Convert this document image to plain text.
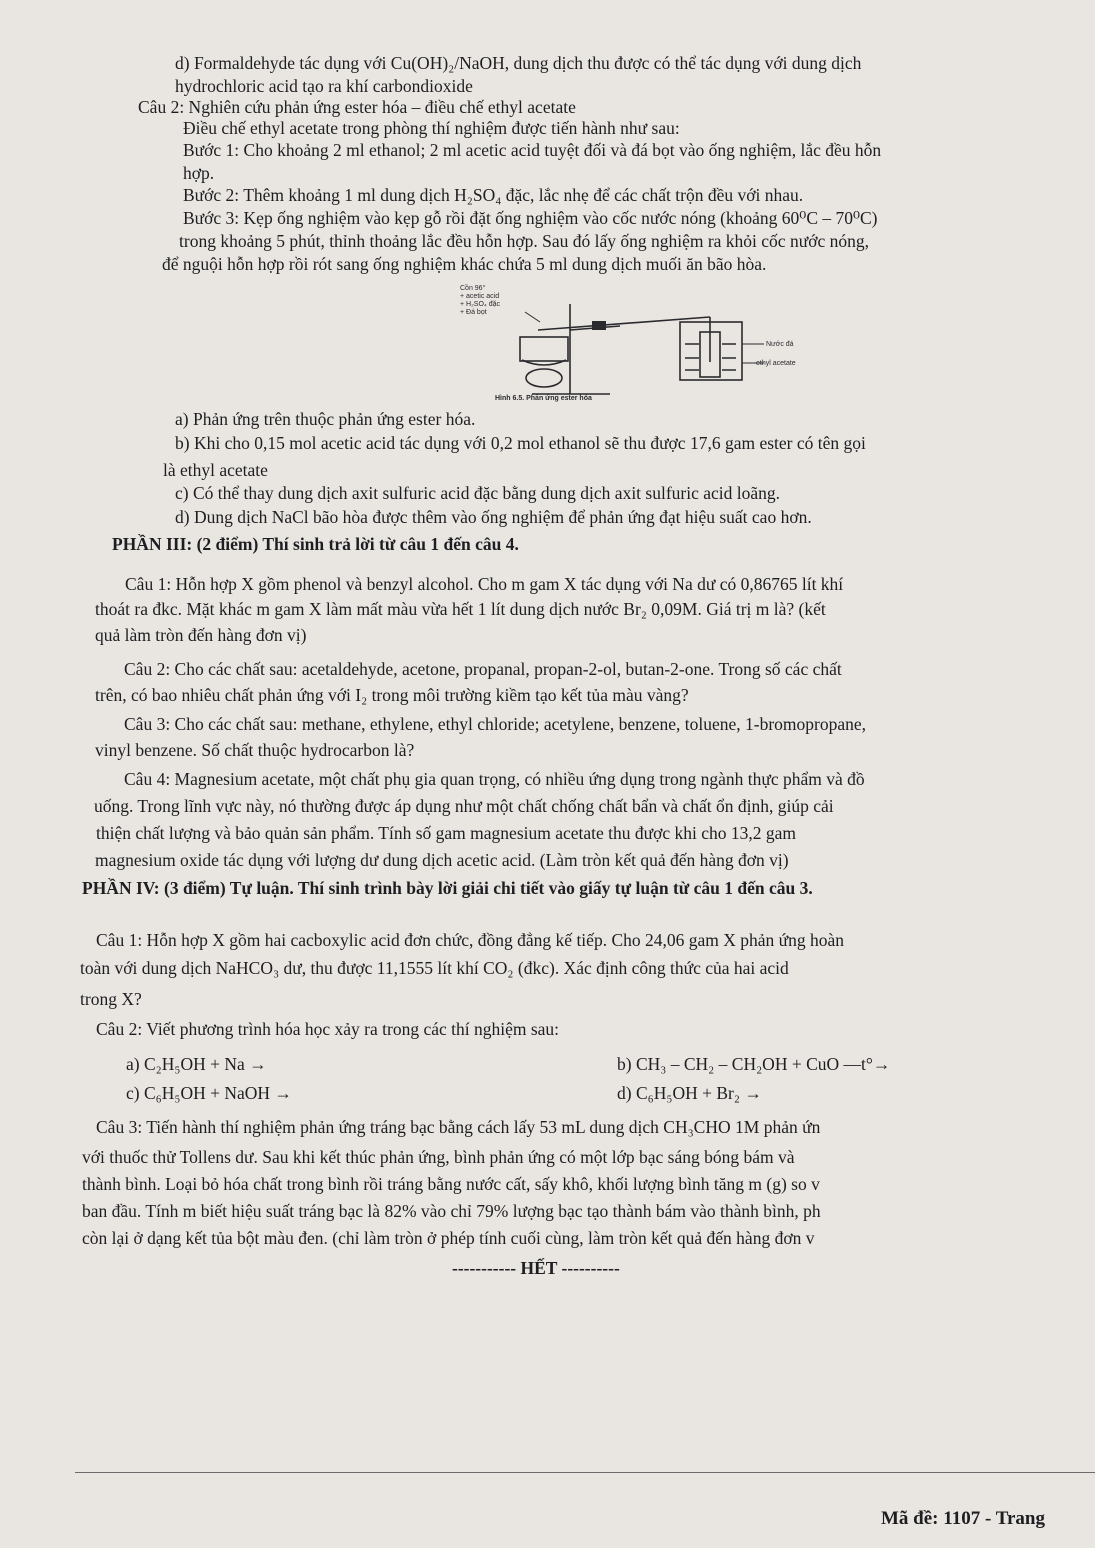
d) Formaldehyde tác dụng với Cu(OH)₂/NaOH, dung dịch thu được có thể tác dụng với dung dịch
hydrochloric acid tạo ra khí carbondioxide
Câu 2: Nghiên cứu phản ứng ester hóa – điều chế ethyl acetate
Điều chế ethyl acetate trong phòng thí nghiệm được tiến hành như sau:
Bước 1: Cho khoảng 2 ml ethanol; 2 ml acetic acid tuyệt đối và đá bọt vào ống nghiệm, lắc đều hỗn
hợp.
Bước 2: Thêm khoảng 1 ml dung dịch H₂SO₄ đặc, lắc nhẹ để các chất trộn đều với nhau.
Bước 3: Kẹp ống nghiệm vào kẹp gỗ rồi đặt ống nghiệm vào cốc nước nóng (khoảng 60⁰C – 70⁰C)
trong khoảng 5 phút, thỉnh thoảng lắc đều hỗn hợp. Sau đó lấy ống nghiệm ra khỏi cốc nước nóng,
để nguội hỗn hợp rồi rót sang ống nghiệm khác chứa 5 ml dung dịch muối ăn bão hòa.
Cồn 96°
+ acetic acid
+ H₂SO₄ đặc
+ Đá bọt
Nước đá
ethyl acetate
Hình 6.5. Phản ứng ester hóa
a) Phản ứng trên thuộc phản ứng ester hóa.
b) Khi cho 0,15 mol acetic acid tác dụng với 0,2 mol ethanol sẽ thu được 17,6 gam ester có tên gọi
là ethyl acetate
c) Có thể thay dung dịch axit sulfuric acid đặc bằng dung dịch axit sulfuric acid loãng.
d) Dung dịch NaCl bão hòa được thêm vào ống nghiệm để phản ứng đạt hiệu suất cao hơn.
PHẦN III: (2 điểm) Thí sinh trả lời từ câu 1 đến câu 4.
Câu 1: Hỗn hợp X gồm phenol và benzyl alcohol. Cho m gam X tác dụng với Na dư có 0,86765 lít khí
thoát ra đkc. Mặt khác m gam X làm mất màu vừa hết 1 lít dung dịch nước Br₂ 0,09M. Giá trị m là? (kết
quả làm tròn đến hàng đơn vị)
Câu 2: Cho các chất sau: acetaldehyde, acetone, propanal, propan-2-ol, butan-2-one. Trong số các chất
trên, có bao nhiêu chất phản ứng với I₂ trong môi trường kiềm tạo kết tủa màu vàng?
Câu 3: Cho các chất sau: methane, ethylene, ethyl chloride; acetylene, benzene, toluene, 1-bromopropane,
vinyl benzene. Số chất thuộc hydrocarbon là?
Câu 4: Magnesium acetate, một chất phụ gia quan trọng, có nhiều ứng dụng trong ngành thực phẩm và đồ
uống. Trong lĩnh vực này, nó thường được áp dụng như một chất chống chất bẩn và chất ổn định, giúp cải
thiện chất lượng và bảo quản sản phẩm. Tính số gam magnesium acetate thu được khi cho 13,2 gam
magnesium oxide tác dụng với lượng dư dung dịch acetic acid. (Làm tròn kết quả đến hàng đơn vị)
PHẦN IV: (3 điểm) Tự luận. Thí sinh trình bày lời giải chi tiết vào giấy tự luận từ câu 1 đến câu 3.
Câu 1: Hỗn hợp X gồm hai cacboxylic acid đơn chức, đồng đẳng kế tiếp. Cho 24,06 gam X phản ứng hoàn
toàn với dung dịch NaHCO₃ dư, thu được 11,1555 lít khí CO₂ (đkc). Xác định công thức của hai acid
trong X?
Câu 2: Viết phương trình hóa học xảy ra trong các thí nghiệm sau:
a) C₂H₅OH + Na →	b) CH₃ – CH₂ – CH₂OH + CuO —t°→
c) C₆H₅OH + NaOH →	d) C₆H₅OH + Br₂ →
Câu 3: Tiến hành thí nghiệm phản ứng tráng bạc bằng cách lấy 53 mL dung dịch CH₃CHO 1M phản ứn
với thuốc thử Tollens dư. Sau khi kết thúc phản ứng, bình phản ứng có một lớp bạc sáng bóng bám và
thành bình. Loại bỏ hóa chất trong bình rồi tráng bằng nước cất, sấy khô, khối lượng bình tăng m (g) so v
ban đầu. Tính m biết hiệu suất tráng bạc là 82% vào chỉ 79% lượng bạc tạo thành bám vào thành bình, ph
còn lại ở dạng kết tủa bột màu đen. (chỉ làm tròn ở phép tính cuối cùng, làm tròn kết quả đến hàng đơn v
----------- HẾT ----------
Mã đề: 1107 - Trang
